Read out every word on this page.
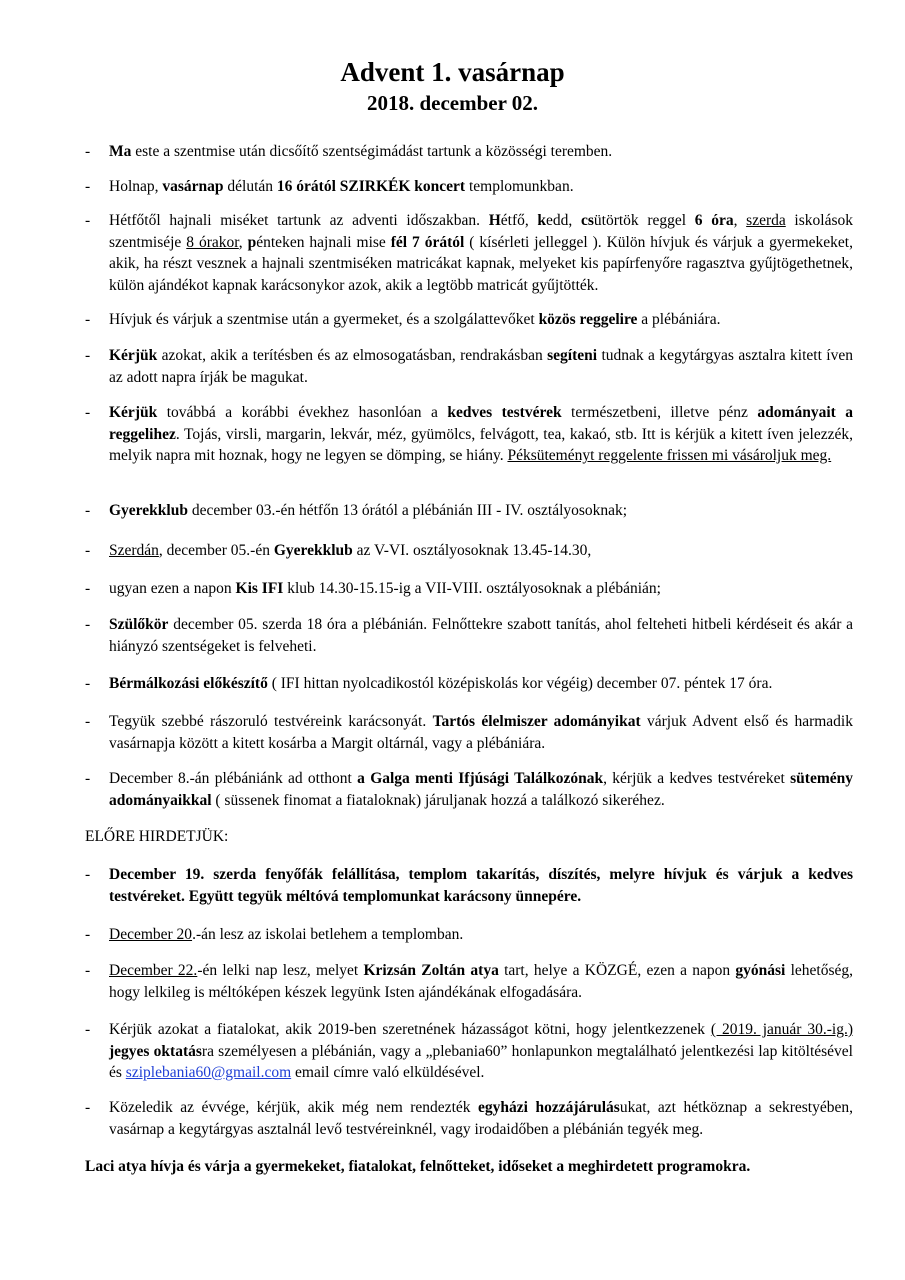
Advent 1. vasárnap
2018. december 02.
- Ma este a szentmise után dicsőítő szentségimádást tartunk a közösségi teremben.
- Holnap, vasárnap délután 16 órától SZIRKÉK koncert templomunkban.
- Hétfőtől hajnali miséket tartunk az adventi időszakban. Hétfő, kedd, csütörtök reggel 6 óra, szerda iskolások szentmiséje 8 órakor, pénteken hajnali mise fél 7 órától ( kísérleti jelleggel ). Külön hívjuk és várjuk a gyermekeket, akik, ha részt vesznek a hajnali szentmiséken matricákat kapnak, melyeket kis papírfenyőre ragasztva gyűjtögethetnek, külön ajándékot kapnak karácsonykor azok, akik a legtöbb matricát gyűjtötték.
- Hívjuk és várjuk a szentmise után a gyermeket, és a szolgálattevőket közös reggelire a plébániára.
- Kérjük azokat, akik a terítésben és az elmosogatásban, rendrakásban segíteni tudnak a kegytárgyas asztalra kitett íven az adott napra írják be magukat.
- Kérjük továbbá a korábbi évekhez hasonlóan a kedves testvérek természetbeni, illetve pénz adományait a reggelihez. Tojás, virsli, margarin, lekvár, méz, gyümölcs, felvágott, tea, kakaó, stb. Itt is kérjük a kitett íven jelezzék, melyik napra mit hoznak, hogy ne legyen se dömping, se hiány. Péksüteményt reggelente frissen mi vásároljuk meg.
- Gyerekklub december 03.-én hétfőn 13 órától a plébánián III - IV. osztályosoknak;
- Szerdán, december 05.-én Gyerekklub az V-VI. osztályosoknak 13.45-14.30,
- ugyan ezen a napon Kis IFI klub 14.30-15.15-ig a VII-VIII. osztályosoknak a plébánián;
- Szülőkör december 05. szerda 18 óra a plébánián. Felnőttekre szabott tanítás, ahol felteheti hitbeli kérdéseit és akár a hiányzó szentségeket is felveheti.
- Bérmálkozási előkészítő ( IFI hittan nyolcadikostól középiskolás kor végéig) december 07. péntek 17 óra.
- Tegyük szebbé rászoruló testvéreink karácsonyát. Tartós élelmiszer adományikat várjuk Advent első és harmadik vasárnapja között a kitett kosárba a Margit oltárnál, vagy a plébániára.
- December 8.-án plébániánk ad otthont a Galga menti Ifjúsági Találkozónak, kérjük a kedves testvéreket sütemény adományaikkal ( süssenek finomat a fiataloknak) járuljanak hozzá a találkozó sikeréhez.
ELŐRE HIRDETJÜK:
- December 19. szerda fenyőfák felállítása, templom takarítás, díszítés, melyre hívjuk és várjuk a kedves testvéreket. Együtt tegyük méltóvá templomunkat karácsony ünnepére.
- December 20.-án lesz az iskolai betlehem a templomban.
- December 22.-én lelki nap lesz, melyet Krizsán Zoltán atya tart, helye a KÖZGÉ, ezen a napon gyónási lehetőség, hogy lelkileg is méltóképen készek legyünk Isten ajándékának elfogadására.
- Kérjük azokat a fiatalokat, akik 2019-ben szeretnének házasságot kötni, hogy jelentkezzenek ( 2019. január 30.-ig.) jegyes oktatásra személyesen a plébánián, vagy a „plebania60” honlapunkon megtalálható jelentkezési lap kitöltésével és sziplebania60@gmail.com email címre való elküldésével.
- Közeledik az évvége, kérjük, akik még nem rendezték egyházi hozzájárulásukat, azt hétköznap a sekrestyében, vasárnap a kegytárgyas asztalnál levő testvéreinknél, vagy irodaidőben a plébánián tegyék meg.
Laci atya hívja és várja a gyermekeket, fiatalokat, felnőtteket, időseket a meghirdetett programokra.
